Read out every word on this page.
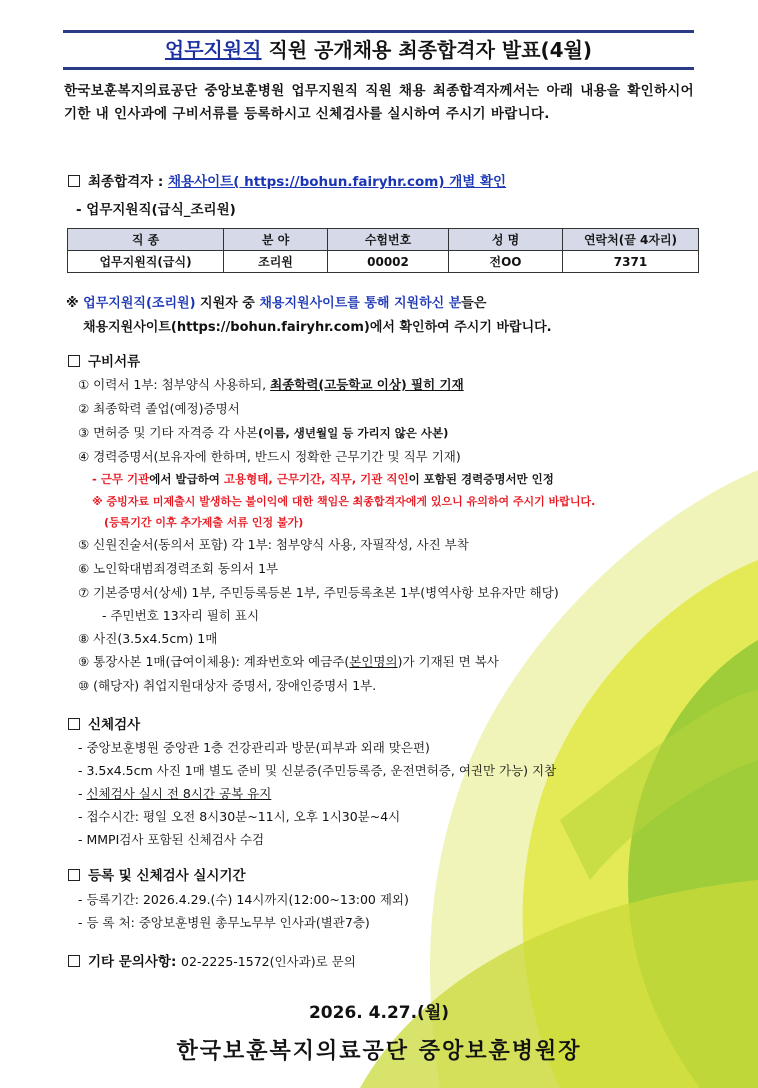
업무지원직 직원 공개채용 최종합격자 발표(4월)
한국보훈복지의료공단 중앙보훈병원 업무지원직 직원 채용 최종합격자께서는 아래 내용을 확인하시어 기한 내 인사과에 구비서류를 등록하시고 신체검사를 실시하여 주시기 바랍니다.
최종합격자 : 채용사이트( https://bohun.fairyhr.com) 개별 확인
- 업무지원직(급식_조리원)
직 종	분 야	수험번호	성 명	연락처(끝 4자리)
업무지원직(급식)	조리원	00002	전OO	7371
※ 업무지원직(조리원) 지원자 중 채용지원사이트를 통해 지원하신 분들은
채용지원사이트(https://bohun.fairyhr.com)에서 확인하여 주시기 바랍니다.
구비서류
① 이력서 1부: 첨부양식 사용하되, 최종학력(고등학교 이상) 필히 기재
② 최종학력 졸업(예정)증명서
③ 면허증 및 기타 자격증 각 사본(이름, 생년월일 등 가리지 않은 사본)
④ 경력증명서(보유자에 한하며, 반드시 정확한 근무기간 및 직무 기재)
- 근무 기관에서 발급하여 고용형태, 근무기간, 직무, 기관 직인이 포함된 경력증명서만 인정
※ 증빙자료 미제출시 발생하는 불이익에 대한 책임은 최종합격자에게 있으니 유의하여 주시기 바랍니다.
(등록기간 이후 추가제출 서류 인정 불가)
⑤ 신원진술서(동의서 포함) 각 1부: 첨부양식 사용, 자필작성, 사진 부착
⑥ 노인학대범죄경력조회 동의서 1부
⑦ 기본증명서(상세) 1부, 주민등록등본 1부, 주민등록초본 1부(병역사항 보유자만 해당)
- 주민번호 13자리 필히 표시
⑧ 사진(3.5x4.5cm) 1매
⑨ 통장사본 1매(급여이체용): 계좌번호와 예금주(본인명의)가 기재된 면 복사
⑩ (해당자) 취업지원대상자 증명서, 장애인증명서 1부.
신체검사
- 중앙보훈병원 중앙관 1층 건강관리과 방문(피부과 외래 맞은편)
- 3.5x4.5cm 사진 1매 별도 준비 및 신분증(주민등록증, 운전면허증, 여권만 가능) 지참
- 신체검사 실시 전 8시간 공복 유지
- 접수시간: 평일 오전 8시30분~11시, 오후 1시30분~4시
- MMPI검사 포함된 신체검사 수검
등록 및 신체검사 실시기간
- 등록기간: 2026.4.29.(수) 14시까지(12:00~13:00 제외)
- 등 록 처: 중앙보훈병원 총무노무부 인사과(별관7층)
기타 문의사항: 02-2225-1572(인사과)로 문의
2026. 4.27.(월)
한국보훈복지의료공단 중앙보훈병원장
